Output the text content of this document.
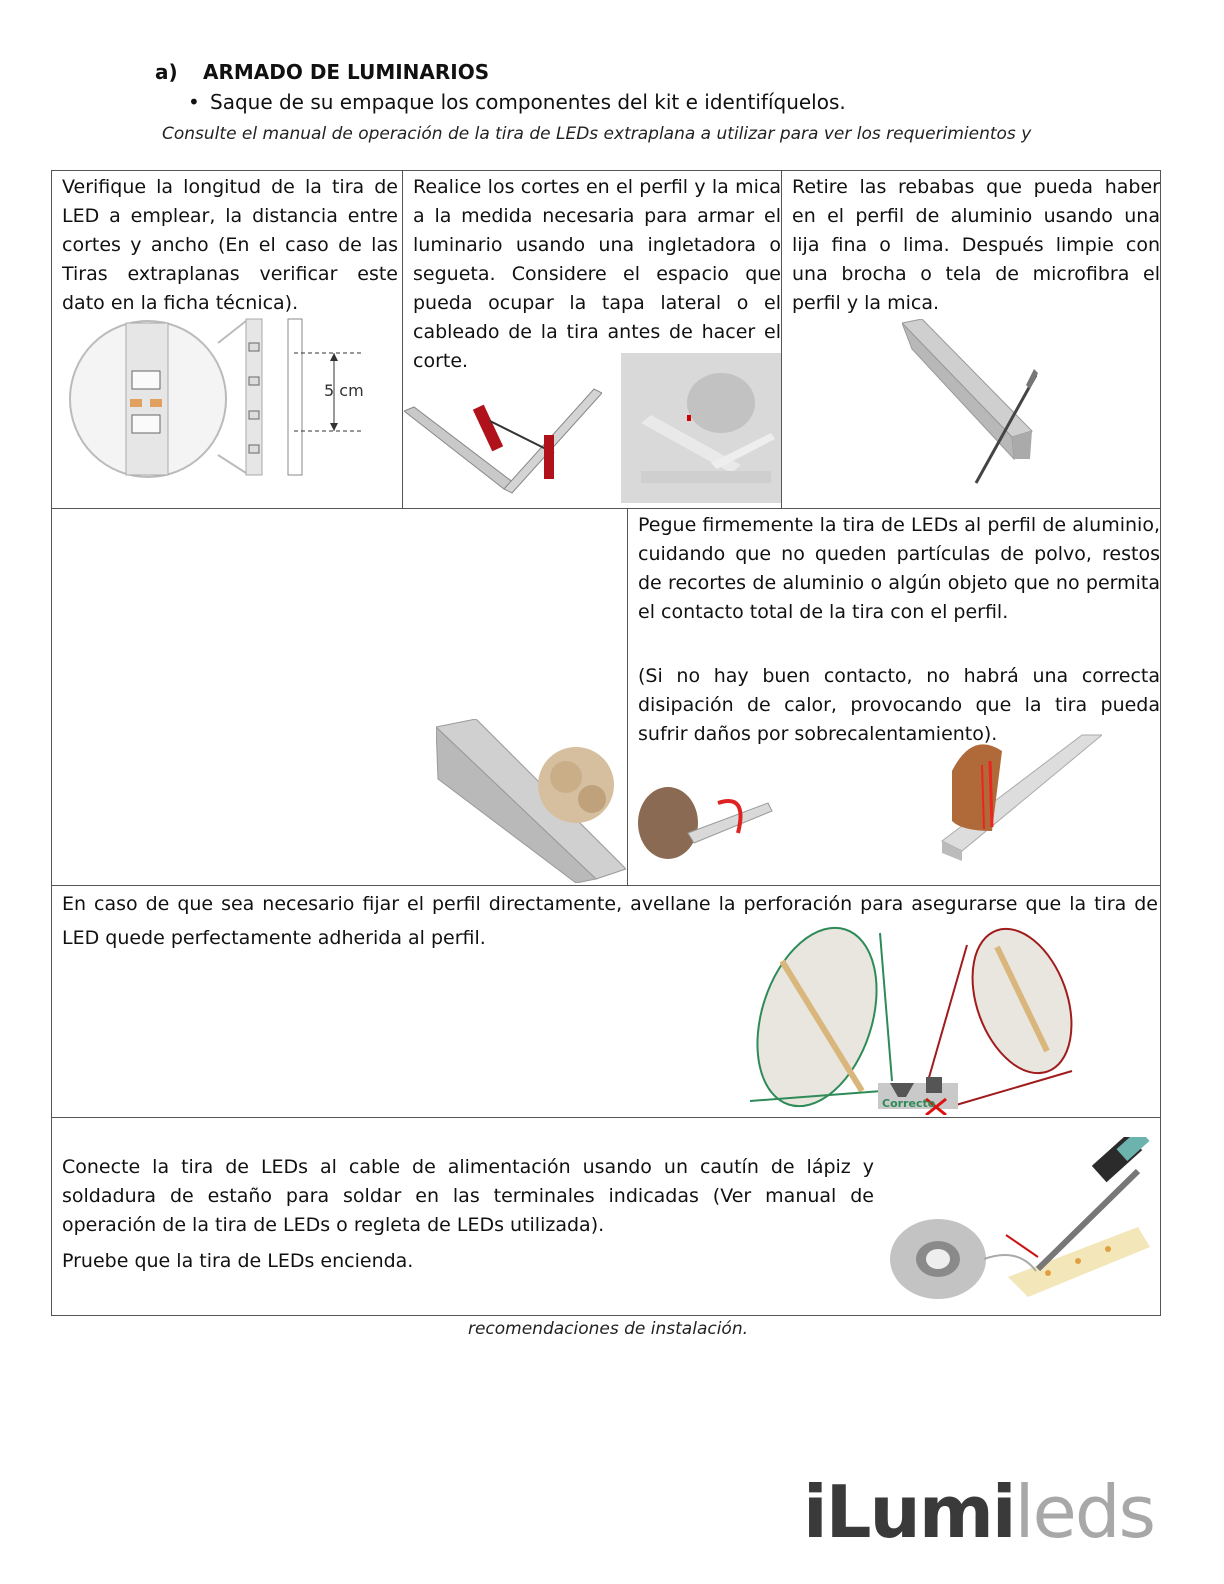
a) ARMADO DE LUMINARIOS
• Saque de su empaque los componentes del kit e identifíquelos.
Consulte el manual de operación de la tira de LEDs extraplana a utilizar para ver los requerimientos y

Verifique la longitud de la tira de LED a emplear, la distancia entre cortes y ancho (En el caso de las Tiras extraplanas verificar este dato en la ficha técnica).

Realice los cortes en el perfil y la mica a la medida necesaria para armar el luminario usando una ingletadora o segueta. Considere el espacio que pueda ocupar la tapa lateral o el cableado de la tira antes de hacer el corte.

Retire las rebabas que pueda haber en el perfil de aluminio usando una lija fina o lima. Después limpie con una brocha o tela de microfibra el perfil y la mica.

5 cm

Pegue firmemente la tira de LEDs al perfil de aluminio, cuidando que no queden partículas de polvo, restos de recortes de aluminio o algún objeto que no permita el contacto total de la tira con el perfil.

(Si no hay buen contacto, no habrá una correcta disipación de calor, provocando que la tira pueda sufrir daños por sobrecalentamiento).

En caso de que sea necesario fijar el perfil directamente, avellane la perforación para asegurarse que la tira de LED quede perfectamente adherida al perfil.

Correcto

Conecte la tira de LEDs al cable de alimentación usando un cautín de lápiz y soldadura de estaño para soldar en las terminales indicadas (Ver manual de operación de la tira de LEDs o regleta de LEDs utilizada).

Pruebe que la tira de LEDs encienda.

recomendaciones de instalación.
iLumileds
